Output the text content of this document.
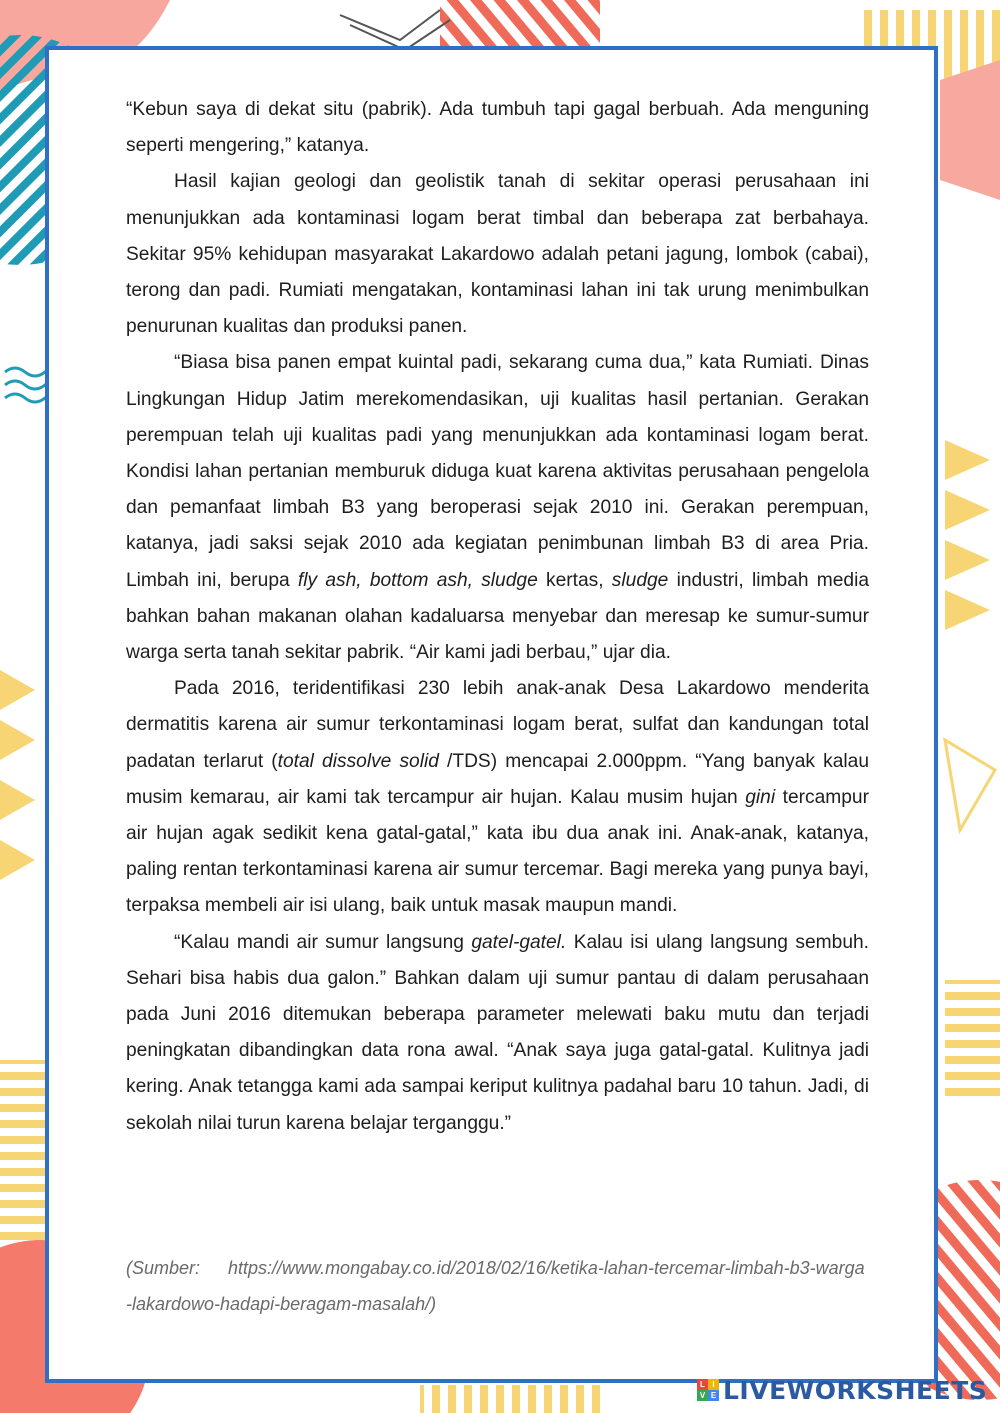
“Kebun saya di dekat situ (pabrik). Ada tumbuh tapi gagal berbuah. Ada menguning seperti mengering,” katanya.

Hasil kajian geologi dan geolistik tanah di sekitar operasi perusahaan ini menunjukkan ada kontaminasi logam berat timbal dan beberapa zat berbahaya. Sekitar 95% kehidupan masyarakat Lakardowo adalah petani jagung, lombok (cabai), terong dan padi. Rumiati mengatakan, kontaminasi lahan ini tak urung menimbulkan penurunan kualitas dan produksi panen.

“Biasa bisa panen empat kuintal padi, sekarang cuma dua,” kata Rumiati. Dinas Lingkungan Hidup Jatim merekomendasikan, uji kualitas hasil pertanian. Gerakan perempuan telah uji kualitas padi yang menunjukkan ada kontaminasi logam berat. Kondisi lahan pertanian memburuk diduga kuat karena aktivitas perusahaan pengelola dan pemanfaat limbah B3 yang beroperasi sejak 2010 ini. Gerakan perempuan, katanya, jadi saksi sejak 2010 ada kegiatan penimbunan limbah B3 di area Pria. Limbah ini, berupa fly ash, bottom ash, sludge kertas, sludge industri, limbah media bahkan bahan makanan olahan kadaluarsa menyebar dan meresap ke sumur-sumur warga serta tanah sekitar pabrik. “Air kami jadi berbau,” ujar dia.

Pada 2016, teridentifikasi 230 lebih anak-anak Desa Lakardowo menderita dermatitis karena air sumur terkontaminasi logam berat, sulfat dan kandungan total padatan terlarut (total dissolve solid /TDS) mencapai 2.000ppm. “Yang banyak kalau musim kemarau, air kami tak tercampur air hujan. Kalau musim hujan gini tercampur air hujan agak sedikit kena gatal-gatal,” kata ibu dua anak ini. Anak-anak, katanya, paling rentan terkontaminasi karena air sumur tercemar. Bagi mereka yang punya bayi, terpaksa membeli air isi ulang, baik untuk masak maupun mandi.

“Kalau mandi air sumur langsung gatel-gatel. Kalau isi ulang langsung sembuh. Sehari bisa habis dua galon.” Bahkan dalam uji sumur pantau di dalam perusahaan pada Juni 2016 ditemukan beberapa parameter melewati baku mutu dan terjadi peningkatan dibandingkan data rona awal. “Anak saya juga gatal-gatal. Kulitnya jadi kering. Anak tetangga kami ada sampai keriput kulitnya padahal baru 10 tahun. Jadi, di sekolah nilai turun karena belajar terganggu.”

(Sumber: https://www.mongabay.co.id/2018/02/16/ketika-lahan-tercemar-limbah-b3-warga-lakardowo-hadapi-beragam-masalah/)
L I
V E LIVEWORKSHEETS
